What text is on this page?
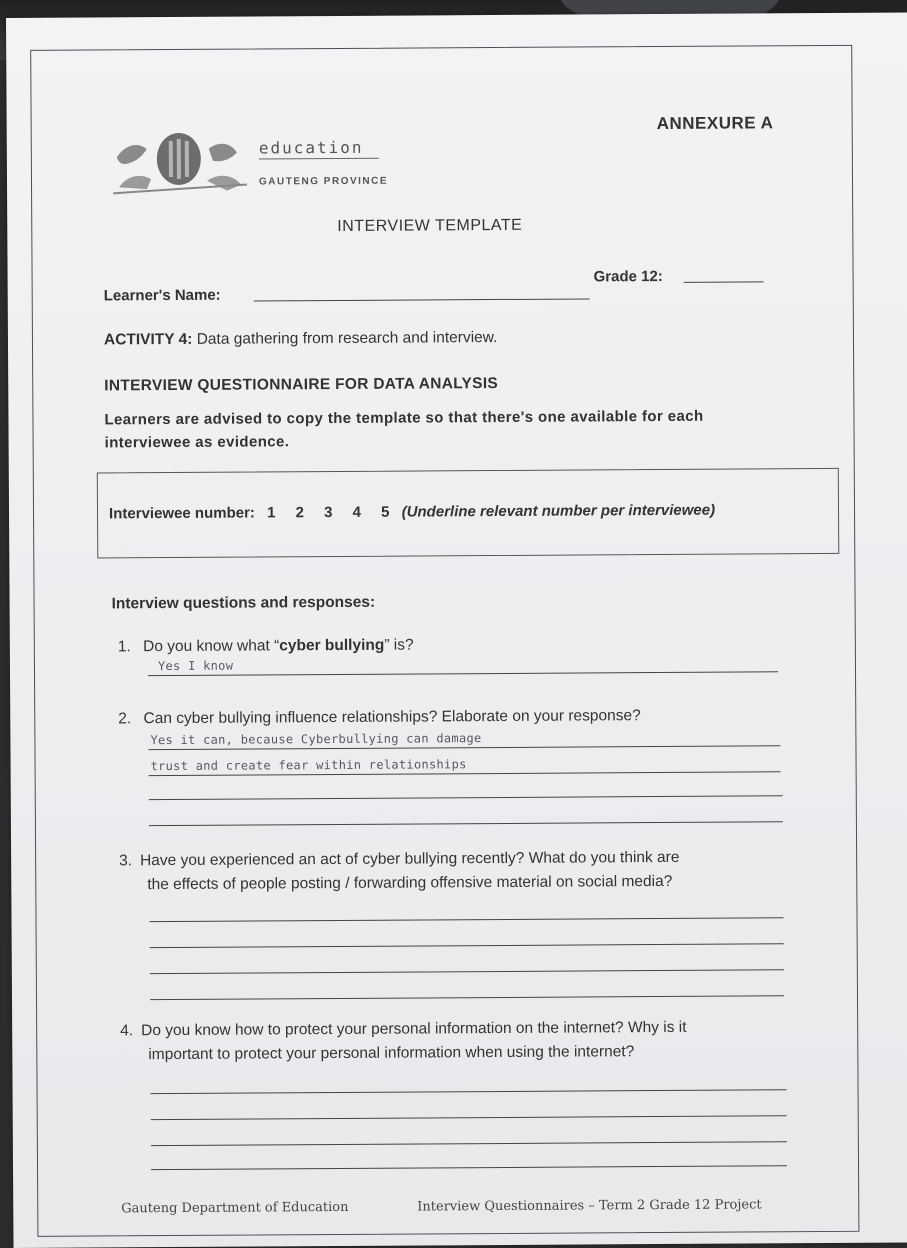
ANNEXURE A
education
GAUTENG PROVINCE
INTERVIEW TEMPLATE
Learner's Name:
Grade 12:
ACTIVITY 4: Data gathering from research and interview.
INTERVIEW QUESTIONNAIRE FOR DATA ANALYSIS
Learners are advised to copy the template so that there's one available for each interviewee as evidence.
Interviewee number: 1 2 3 4 5 (Underline relevant number per interviewee)
Interview questions and responses:
1. Do you know what “cyber bullying” is?
Yes I know
2. Can cyber bullying influence relationships? Elaborate on your response?
Yes it can, because Cyberbullying can damage
trust and create fear within relationships
3. Have you experienced an act of cyber bullying recently? What do you think are
the effects of people posting / forwarding offensive material on social media?
4. Do you know how to protect your personal information on the internet? Why is it
important to protect your personal information when using the internet?
Gauteng Department of Education	Interview Questionnaires – Term 2 Grade 12 Project
